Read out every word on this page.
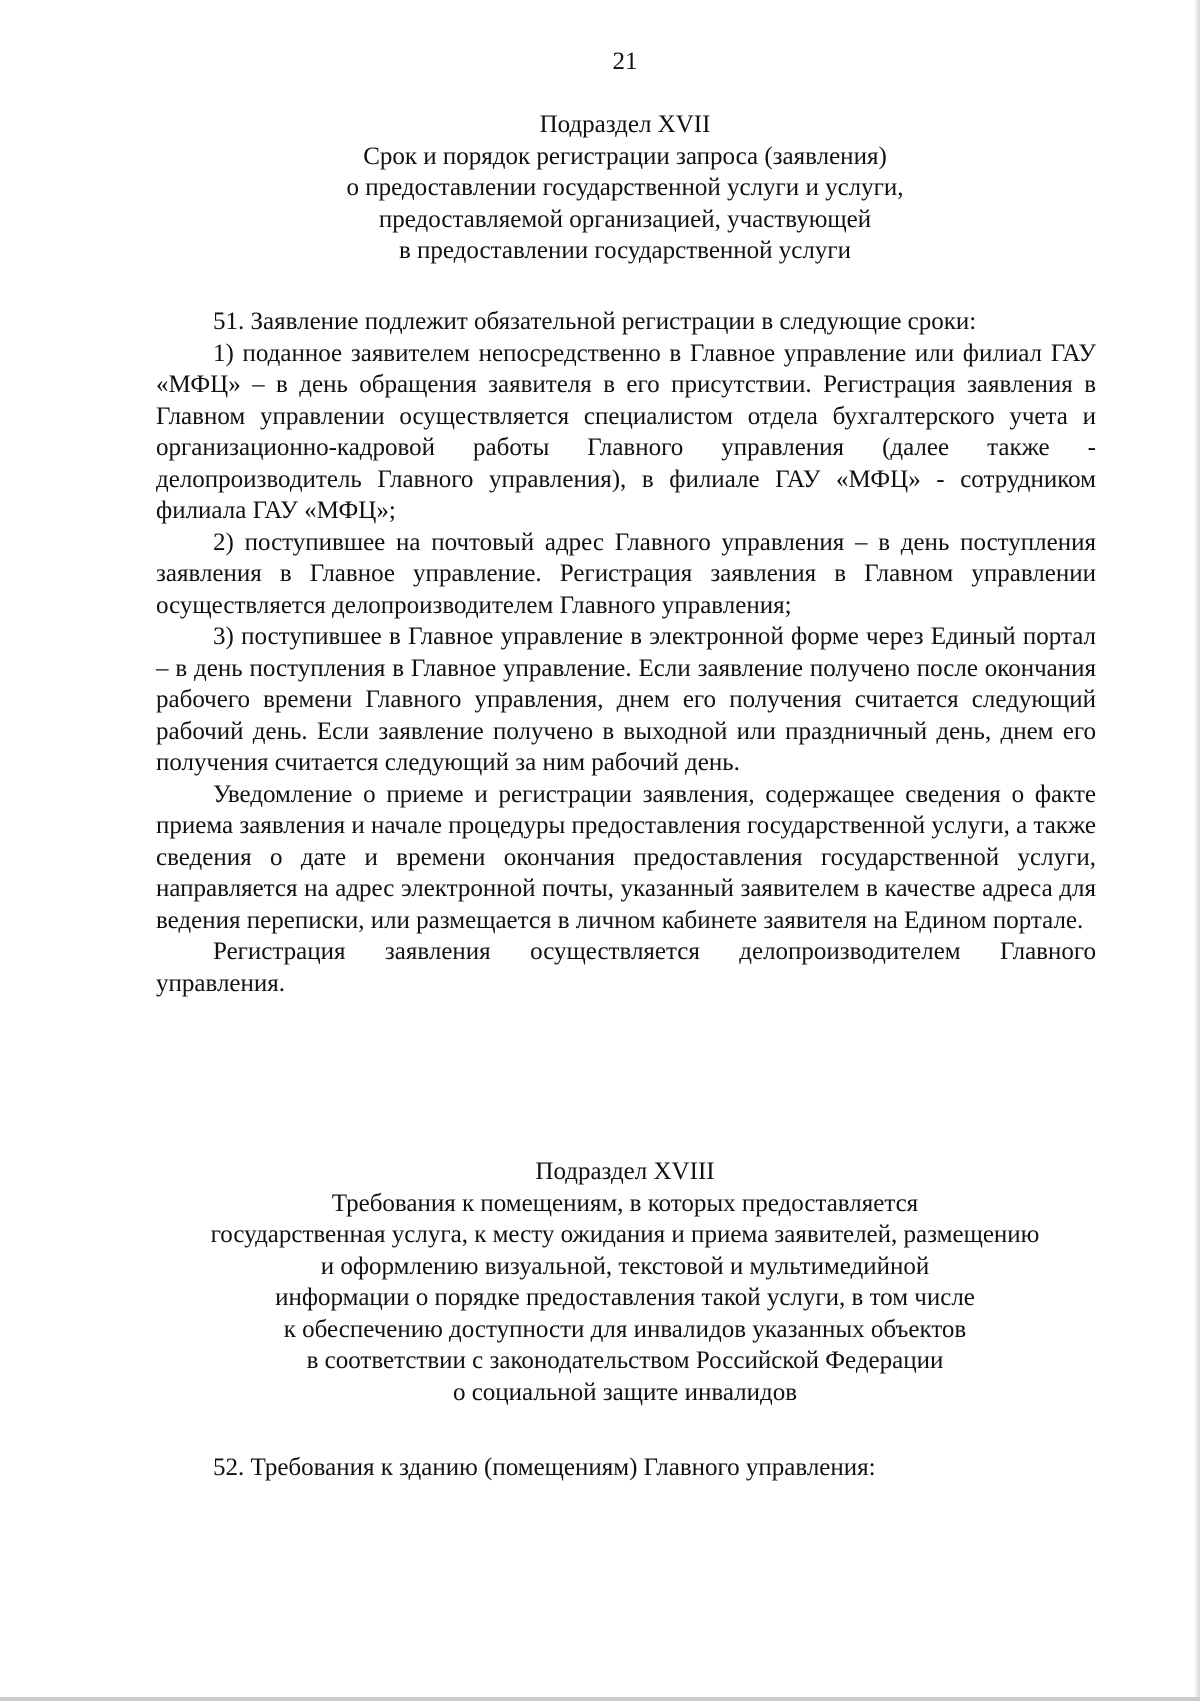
21
Подраздел XVII
Срок и порядок регистрации запроса (заявления)
о предоставлении государственной услуги и услуги,
предоставляемой организацией, участвующей
в предоставлении государственной услуги

51. Заявление подлежит обязательной регистрации в следующие сроки:

1) поданное заявителем непосредственно в Главное управление или филиал ГАУ «МФЦ» – в день обращения заявителя в его присутствии. Регистрация заявления в Главном управлении осуществляется специалистом отдела бухгалтерского учета и организационно-кадровой работы Главного управления (далее также - делопроизводитель Главного управления), в филиале ГАУ «МФЦ» - сотрудником филиала ГАУ «МФЦ»;

2) поступившее на почтовый адрес Главного управления – в день поступления заявления в Главное управление. Регистрация заявления в Главном управлении осуществляется делопроизводителем Главного управления;

3) поступившее в Главное управление в электронной форме через Единый портал – в день поступления в Главное управление. Если заявление получено после окончания рабочего времени Главного управления, днем его получения считается следующий рабочий день. Если заявление получено в выходной или праздничный день, днем его получения считается следующий за ним рабочий день.

Уведомление о приеме и регистрации заявления, содержащее сведения о факте приема заявления и начале процедуры предоставления государственной услуги, а также сведения о дате и времени окончания предоставления государственной услуги, направляется на адрес электронной почты, указанный заявителем в качестве адреса для ведения переписки, или размещается в личном кабинете заявителя на Едином портале.

Регистрация заявления осуществляется делопроизводителем Главного управления.

Подраздел XVIII
Требования к помещениям, в которых предоставляется
государственная услуга, к месту ожидания и приема заявителей, размещению
и оформлению визуальной, текстовой и мультимедийной
информации о порядке предоставления такой услуги, в том числе
к обеспечению доступности для инвалидов указанных объектов
в соответствии с законодательством Российской Федерации
о социальной защите инвалидов

52. Требования к зданию (помещениям) Главного управления:
